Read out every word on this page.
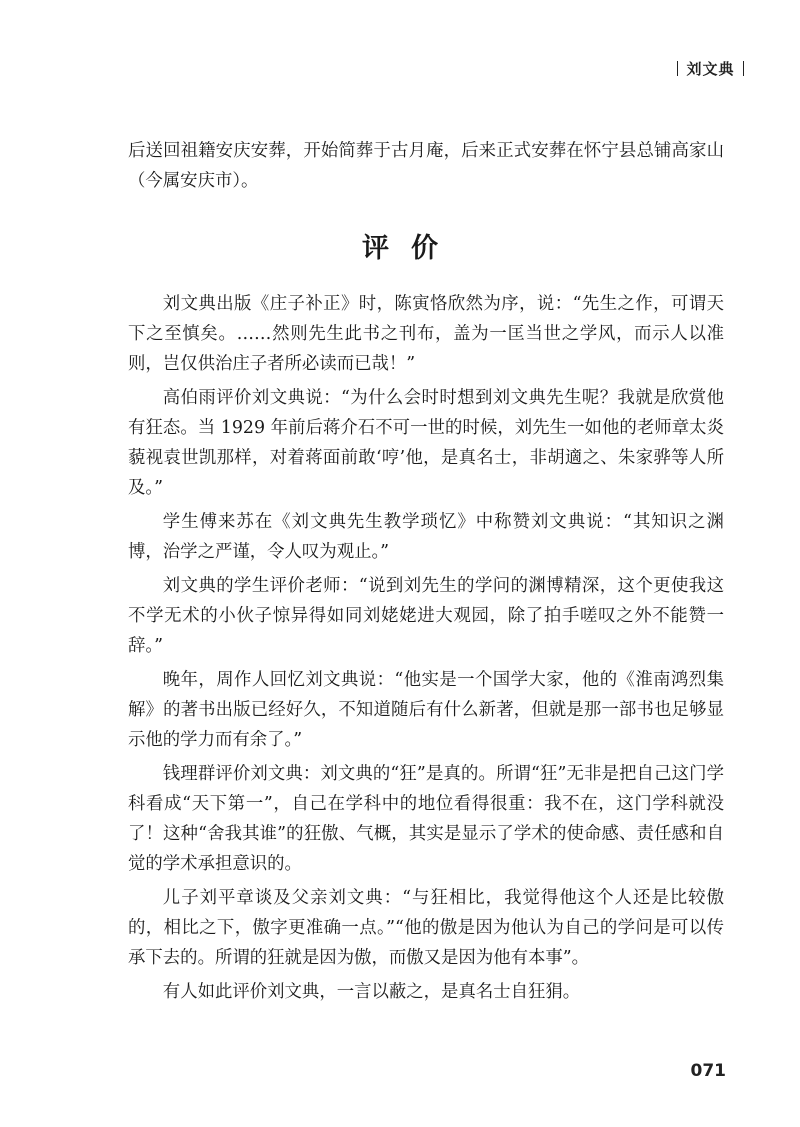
刘文典
后送回祖籍安庆安葬，开始简葬于古月庵，后来正式安葬在怀宁县总铺高家山（今属安庆市）。
评价

刘文典出版《庄子补正》时，陈寅恪欣然为序，说：“先生之作，可谓天下之至慎矣。……然则先生此书之刊布，盖为一匡当世之学风，而示人以准则，岂仅供治庄子者所必读而已哉！”

高伯雨评价刘文典说：“为什么会时时想到刘文典先生呢？我就是欣赏他有狂态。当 1929 年前后蒋介石不可一世的时候，刘先生一如他的老师章太炎藐视袁世凯那样，对着蒋面前敢‘哼’他，是真名士，非胡適之、朱家骅等人所及。”

学生傅来苏在《刘文典先生教学琐忆》中称赞刘文典说：“其知识之渊博，治学之严谨，令人叹为观止。”

刘文典的学生评价老师：“说到刘先生的学问的渊博精深，这个更使我这不学无术的小伙子惊异得如同刘姥姥进大观园，除了拍手嗟叹之外不能赞一辞。”

晚年，周作人回忆刘文典说：“他实是一个国学大家，他的《淮南鸿烈集解》的著书出版已经好久，不知道随后有什么新著，但就是那一部书也足够显示他的学力而有余了。”

钱理群评价刘文典：刘文典的“狂”是真的。所谓“狂”无非是把自己这门学科看成“天下第一”，自己在学科中的地位看得很重：我不在，这门学科就没了！这种“舍我其谁”的狂傲、气概，其实是显示了学术的使命感、责任感和自觉的学术承担意识的。

儿子刘平章谈及父亲刘文典：“与狂相比，我觉得他这个人还是比较傲的，相比之下，傲字更准确一点。”“他的傲是因为他认为自己的学问是可以传承下去的。所谓的狂就是因为傲，而傲又是因为他有本事”。

有人如此评价刘文典，一言以蔽之，是真名士自狂狷。

071
